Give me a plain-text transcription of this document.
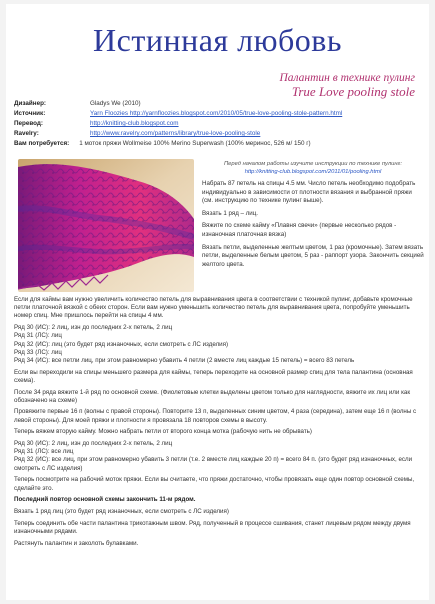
Истинная любовь
Палантин в технике пулинг
True Love pooling stole
Дизайнер:	Gladys We (2010)
Источник:	Yarn Floozies http://yarnfloozies.blogspot.com/2010/05/true-love-pooling-stole-pattern.html
Перевод:	http://knitting-club.blogspot.com
Ravelry:	http://www.ravelry.com/patterns/library/true-love-pooling-stole
Вам потребуется: 1 моток пряжи Wollmeise 100% Merino Superwash (100% меринос, 526 м/ 150 г)
Перед началом работы изучите инструкции по технике пулинг:
http://knitting-club.blogspot.com/2011/01/pooling.html

Набрать 87 петель на спицы 4.5 мм. Число петель необходимо подобрать индивидуально в зависимости от плотности вязания и выбранной пряжи (см. инструкцию по технике пулинг выше).

Вязать 1 ряд – лиц.

Вяжите по схеме кайму «Плавня свечи» (первые несколько рядов - изнаночная платочная вязка)

Вязать петли, выделенные желтым цветом, 1 раз (кромочные). Затем вязать петли, выделенные белым цветом, 5 раз - раппорт узора. Закончить секцией желтого цвета.

Если для каймы вам нужно увеличить количество петель для выравнивания цвета в соответствии с техникой пулинг, добавьте кромочные петли платочной вязкой с обеих сторон. Если вам нужно уменьшить количество петель для выравнивания цвета, попробуйте уменьшить номер спиц. Мне пришлось перейти на спицы 4 мм.

Ряд 30 (ИС): 2 лиц, изн до последних 2-х петель, 2 лиц

Ряд 31 (ЛС): лиц

Ряд 32 (ИС): лиц (это будет ряд изнаночных, если смотреть с ЛС изделия)

Ряд 33 (ЛС): лиц

Ряд 34 (ИС): все петли лиц, при этом равномерно убавить 4 петли (2 вместе лиц каждые 15 петель) = всего 83 петель

Если вы переходили на спицы меньшего размера для каймы, теперь переходите на основной размер спиц для тела палантина (основная схема).

После 34 ряда вяжите 1-й ряд по основной схеме. (Фиолетовые клетки выделены цветом только для наглядности, вяжите их лиц или как обозначено на схеме)

Провяжите первые 16 п (волны с правой стороны). Повторите 13 п, выделенных синим цветом, 4 раза (середина), затем еще 16 п (волны с левой стороны). Для моей пряжи и плотности я провязала 18 повторов схемы в высоту.

Теперь вяжем вторую кайму. Можно набрать петли от второго конца мотка (рабочую нить не обрывать)

Ряд 30 (ИС): 2 лиц, изн до последних 2-х петель, 2 лиц

Ряд 31 (ЛС): все лиц

Ряд 32 (ИС): все лиц, при этом равномерно убавить 3 петли (т.е. 2 вместе лиц каждые 20 п) = всего 84 п. (это будет ряд изнаночных, если смотреть с ЛС изделия)

Теперь посмотрите на рабочий моток пряжи. Если вы считаете, что пряжи достаточно, чтобы провязать еще один повтор основной схемы, сделайте это.

Последний повтор основной схемы закончить 11-м рядом.

Вязать 1 ряд лиц (это будет ряд изнаночных, если смотреть с ЛС изделия)

Теперь соединить обе части палантина трикотажным швом. Ряд, полученный в процессе сшивания, станет лицевым рядом между двумя изнаночными рядами.

Растянуть палантин и заколоть булавками.
